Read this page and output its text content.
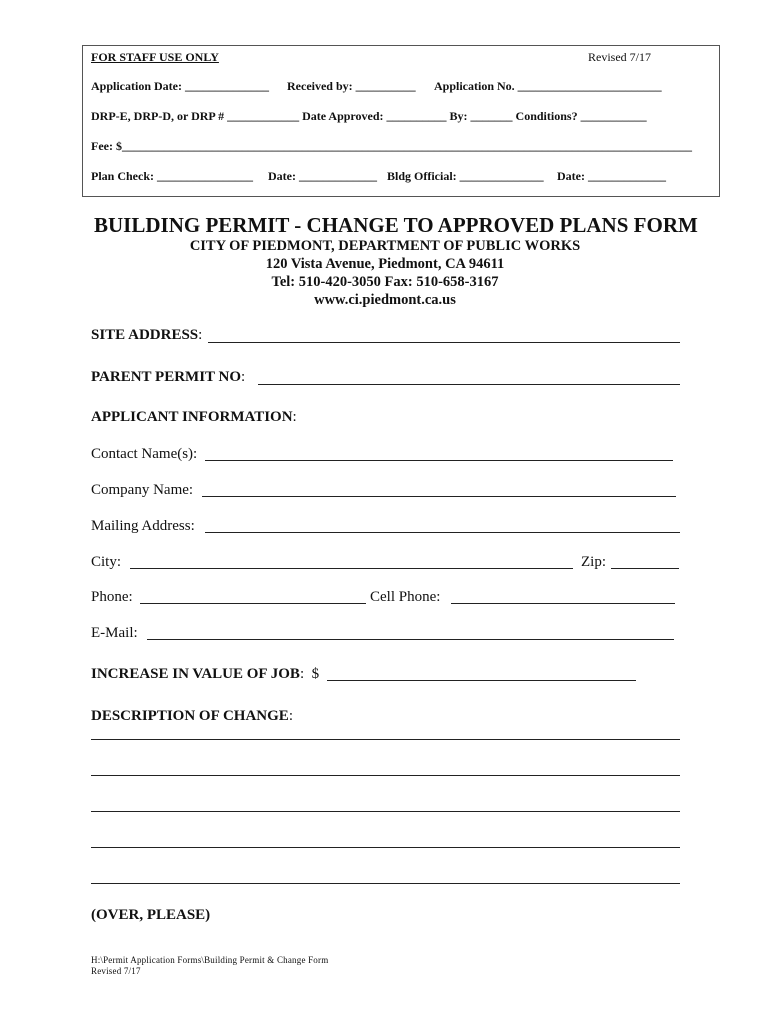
FOR STAFF USE ONLY	Revised 7/17
Application Date: ______________ Received by: __________ Application No. ________________________
DRP-E, DRP-D, or DRP # ____________ Date Approved: __________ By: _______ Conditions? ___________
Fee: $_______________________________________________________________________________________________
Plan Check: ________________ Date: _____________ Bldg Official: ______________ Date: _____________
BUILDING PERMIT - CHANGE TO APPROVED PLANS FORM
CITY OF PIEDMONT, DEPARTMENT OF PUBLIC WORKS
120 Vista Avenue, Piedmont, CA 94611
Tel: 510-420-3050 Fax: 510-658-3167
www.ci.piedmont.ca.us
SITE ADDRESS:
PARENT PERMIT NO:
APPLICANT INFORMATION:
Contact Name(s):
Company Name:
Mailing Address:
City:	Zip:
Phone:	Cell Phone:
E-Mail:
INCREASE IN VALUE OF JOB: $
DESCRIPTION OF CHANGE:
(OVER, PLEASE)
H:\Permit Application Forms\Building Permit & Change Form
Revised 7/17
